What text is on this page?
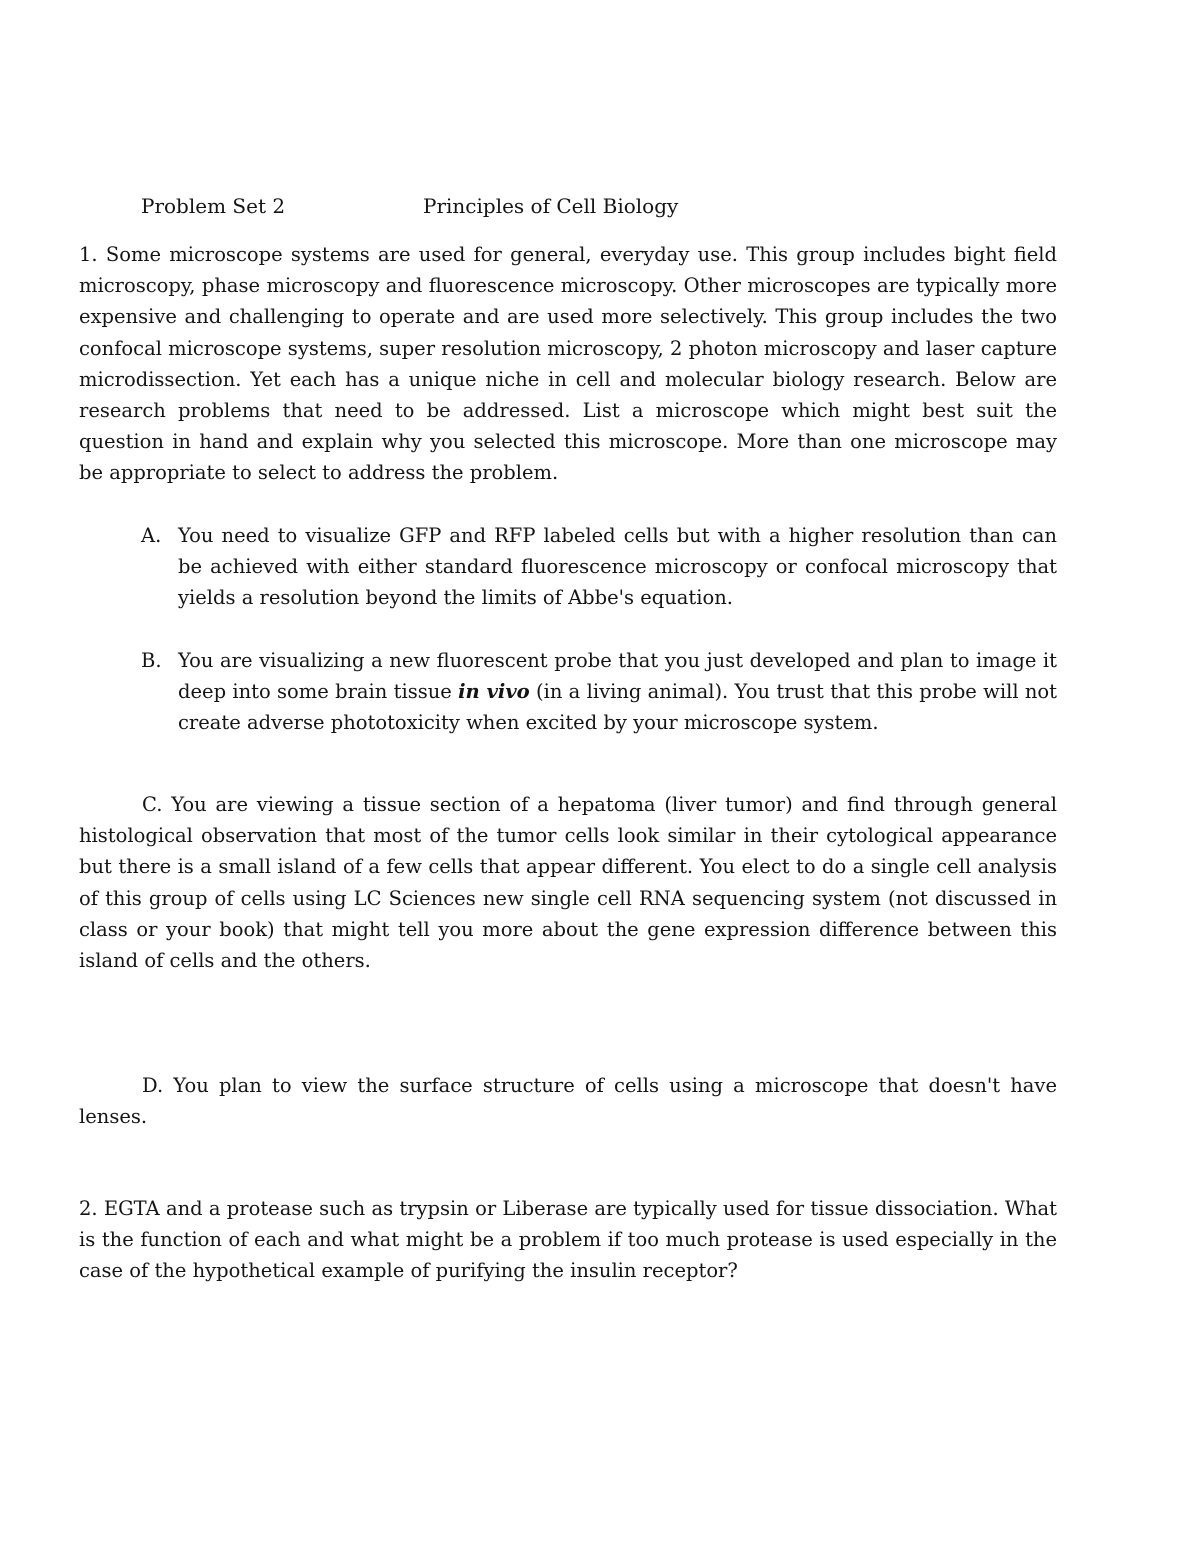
Problem Set 2	Principles of Cell Biology

1. Some microscope systems are used for general, everyday use. This group includes bight field microscopy, phase microscopy and fluorescence microscopy. Other microscopes are typically more expensive and challenging to operate and are used more selectively. This group includes the two confocal microscope systems, super resolution microscopy, 2 photon microscopy and laser capture microdissection. Yet each has a unique niche in cell and molecular biology research. Below are research problems that need to be addressed. List a microscope which might best suit the question in hand and explain why you selected this microscope. More than one microscope may be appropriate to select to address the problem.

A. You need to visualize GFP and RFP labeled cells but with a higher resolution than can be achieved with either standard fluorescence microscopy or confocal microscopy that yields a resolution beyond the limits of Abbe's equation.
B. You are visualizing a new fluorescent probe that you just developed and plan to image it deep into some brain tissue in vivo (in a living animal). You trust that this probe will not create adverse phototoxicity when excited by your microscope system.

C. You are viewing a tissue section of a hepatoma (liver tumor) and find through general histological observation that most of the tumor cells look similar in their cytological appearance but there is a small island of a few cells that appear different. You elect to do a single cell analysis of this group of cells using LC Sciences new single cell RNA sequencing system (not discussed in class or your book) that might tell you more about the gene expression difference between this island of cells and the others.

D. You plan to view the surface structure of cells using a microscope that doesn't have lenses.

2. EGTA and a protease such as trypsin or Liberase are typically used for tissue dissociation. What is the function of each and what might be a problem if too much protease is used especially in the case of the hypothetical example of purifying the insulin receptor?
